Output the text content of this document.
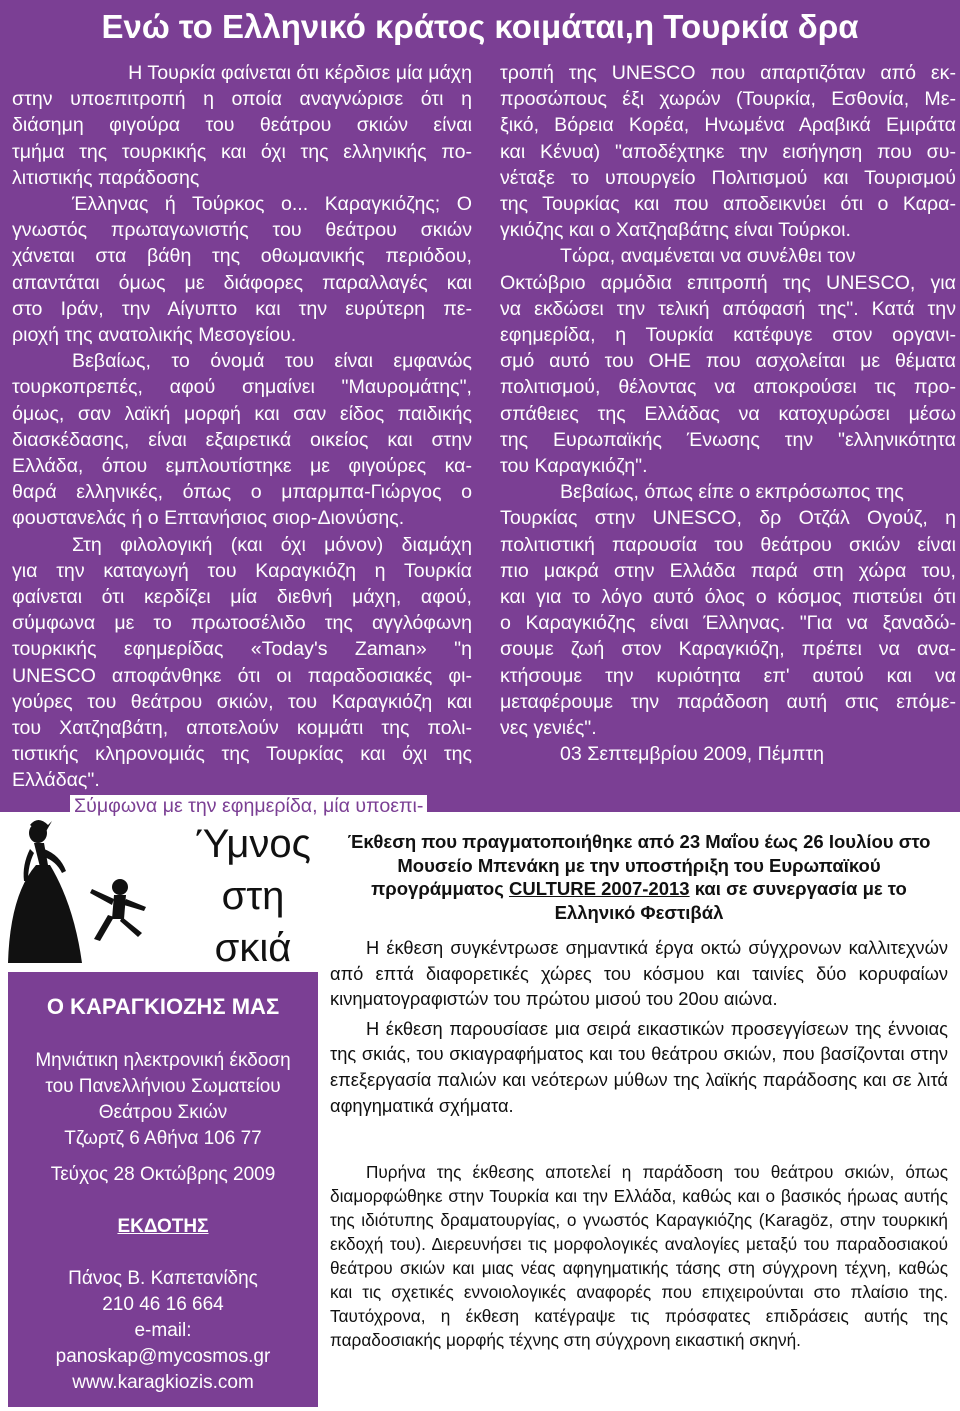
Ενώ το Ελληνικό κράτος κοιμάται,η Τουρκία δρα

Η Τουρκία φαίνεται ότι κέρδισε μία μάχη

στην υποεπιτροπή η οποία αναγνώρισε ότι η

διάσημη φιγούρα του θεάτρου σκιών είναι

τμήμα της τουρκικής και όχι της ελληνικής πο-

λιτιστικής παράδοσης

Έλληνας ή Τούρκος ο... Καραγκιόζης; Ο

γνωστός πρωταγωνιστής του θεάτρου σκιών

χάνεται στα βάθη της οθωμανικής περιόδου,

απαντάται όμως με διάφορες παραλλαγές και

στο Ιράν, την Αίγυπτο και την ευρύτερη πε-

ριοχή της ανατολικής Μεσογείου.

Βεβαίως, το όνομά του είναι εμφανώς

τουρκοπρεπές, αφού σημαίνει "Μαυρομάτης",

όμως, σαν λαϊκή μορφή και σαν είδος παιδικής

διασκέδασης, είναι εξαιρετικά οικείος και στην

Ελλάδα, όπου εμπλουτίστηκε με φιγούρες κα-

θαρά ελληνικές, όπως ο μπαρμπα-Γιώργος ο

φουστανελάς ή ο Επτανήσιος σιορ-Διονύσης.

Στη φιλολογική (και όχι μόνον) διαμάχη

για την καταγωγή του Καραγκιόζη η Τουρκία

φαίνεται ότι κερδίζει μία διεθνή μάχη, αφού,

σύμφωνα με το πρωτοσέλιδο της αγγλόφωνη

τουρκικής εφημερίδας «Today's Zaman» "η

UNESCO αποφάνθηκε ότι οι παραδοσιακές φι-

γούρες του θεάτρου σκιών, του Καραγκιόζη και

του Χατζηαβάτη, αποτελούν κομμάτι της πολι-

τιστικής κληρονομιάς της Τουρκίας και όχι της

Ελλάδας".

Σύμφωνα με την εφημερίδα, μία υποεπι-

τροπή της UNESCO που απαρτιζόταν από εκ-

προσώπους έξι χωρών (Τουρκία, Εσθονία, Με-

ξικό, Βόρεια Κορέα, Ηνωμένα Αραβικά Εμιράτα

και Κένυα) "αποδέχτηκε την εισήγηση που συ-

νέταξε το υπουργείο Πολιτισμού και Τουρισμού

της Τουρκίας και που αποδεικνύει ότι ο Καρα-

γκιόζης και ο Χατζηαβάτης είναι Τούρκοι.

Τώρα, αναμένεται να συνέλθει τον

Οκτώβριο αρμόδια επιτροπή της UNESCO, για

να εκδώσει την τελική απόφασή της". Κατά την

εφημερίδα, η Τουρκία κατέφυγε στον οργανι-

σμό αυτό του ΟΗΕ που ασχολείται με θέματα

πολιτισμού, θέλοντας να αποκρούσει τις προ-

σπάθειες της Ελλάδας να κατοχυρώσει μέσω

της Ευρωπαϊκής Ένωσης την "ελληνικότητα

του Καραγκιόζη".

Βεβαίως, όπως είπε ο εκπρόσωπος της

Τουρκίας στην UNESCO, δρ Οτζάλ Ογούζ, η

πολιτιστική παρουσία του θεάτρου σκιών είναι

πιο μακρά στην Ελλάδα παρά στη χώρα του,

και για το λόγο αυτό όλος ο κόσμος πιστεύει ότι

ο Καραγκιόζης είναι Έλληνας. "Για να ξαναδώ-

σουμε ζωή στον Καραγκιόζη, πρέπει να ανα-

κτήσουμε την κυριότητα επ' αυτού και να

μεταφέρουμε την παράδοση αυτή στις επόμε-

νες γενιές".

03 Σεπτεμβρίου 2009, Πέμπτη

Ύμνος
στη
σκιά
Ο ΚΑΡΑΓΚΙΟΖΗΣ ΜΑΣ
Μηνιάτικη ηλεκτρονική έκδοση
του Πανελλήνιου Σωματείου
Θεάτρου Σκιών
Τζωρτζ 6 Αθήνα 106 77
Τεύχος 28 Οκτώβρης 2009
ΕΚΔΟΤΗΣ
Πάνος Β. Καπετανίδης
210 46 16 664
e-mail:
panoskap@mycosmos.gr
www.karagkiozis.com
Έκθεση που πραγματοποιήθηκε από 23 Μαΐου έως 26 Ιουλίου στο Μουσείο Μπενάκη με την υποστήριξη του Ευρωπαϊκού προγράμματος CULTURE 2007-2013 και σε συνεργασία με το Ελληνικό Φεστιβάλ

Η έκθεση συγκέντρωσε σημαντικά έργα οκτώ σύγχρονων καλλιτεχνών από επτά διαφορετικές χώρες του κόσμου και ταινίες δύο κορυφαίων κινηματογραφιστών του πρώτου μισού του 20ου αιώνα.

Η έκθεση παρουσίασε μια σειρά εικαστικών προσεγγίσεων της έννοιας της σκιάς, του σκιαγραφήματος και του θεάτρου σκιών, που βασίζονται στην επεξεργασία παλιών και νεότερων μύθων της λαϊκής παράδοσης και σε λιτά αφηγηματικά σχήματα.

Πυρήνα της έκθεσης αποτελεί η παράδοση του θεάτρου σκιών, όπως διαμορφώθηκε στην Τουρκία και την Ελλάδα, καθώς και ο βασικός ήρωας αυτής της ιδιότυπης δραματουργίας, ο γνωστός Καραγκιόζης (Karagöz, στην τουρκική εκδοχή του). Διερευνήσει τις μορφολογικές αναλογίες μεταξύ του παραδοσιακού θεάτρου σκιών και μιας νέας αφηγηματικής τάσης στη σύγχρονη τέχνη, καθώς και τις σχετικές ενvοιολογικές αναφορές που επιχειρούνται στο πλαίσιο της. Ταυτόχρονα, η έκθεση κατέγραψε τις πρόσφατες επιδράσεις αυτής της παραδοσιακής μορφής τέχνης στη σύγχρονη εικαστική σκηνή.
